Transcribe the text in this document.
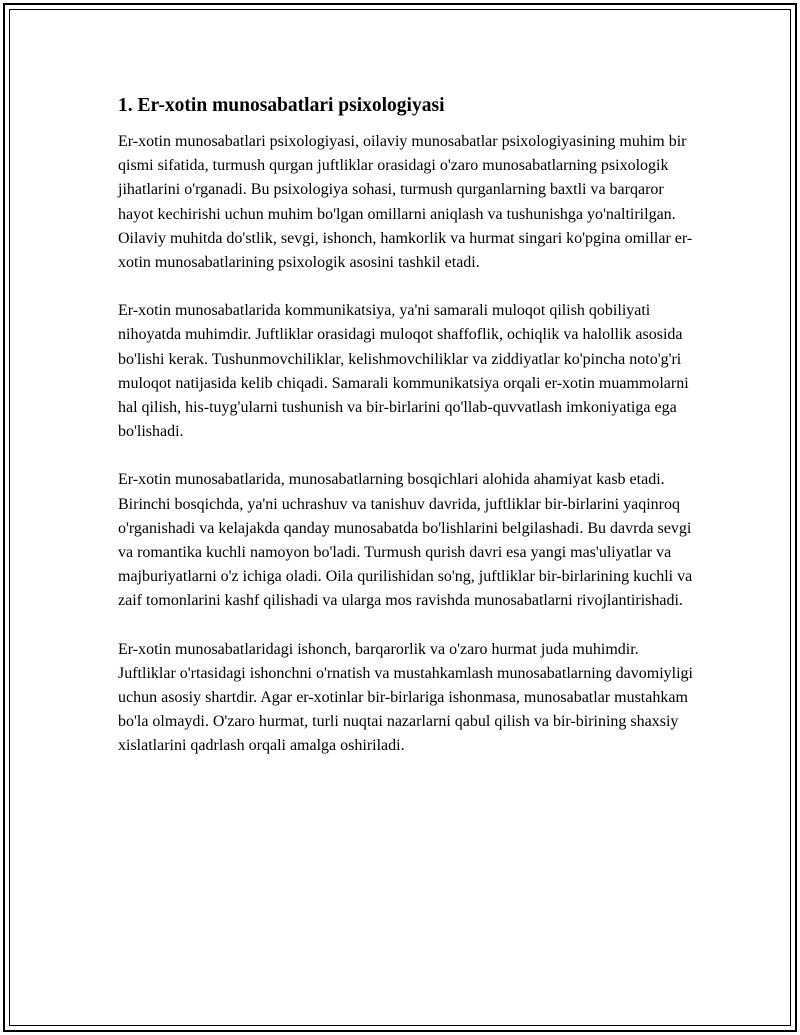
1. Er-xotin munosabatlari psixologiyasi

Er-xotin munosabatlari psixologiyasi, oilaviy munosabatlar psixologiyasining muhim bir qismi sifatida, turmush qurgan juftliklar orasidagi o'zaro munosabatlarning psixologik jihatlarini o'rganadi. Bu psixologiya sohasi, turmush qurganlarning baxtli va barqaror hayot kechirishi uchun muhim bo'lgan omillarni aniqlash va tushunishga yo'naltirilgan. Oilaviy muhitda do'stlik, sevgi, ishonch, hamkorlik va hurmat singari ko'pgina omillar er-xotin munosabatlarining psixologik asosini tashkil etadi.

Er-xotin munosabatlarida kommunikatsiya, ya'ni samarali muloqot qilish qobiliyati nihoyatda muhimdir. Juftliklar orasidagi muloqot shaffoflik, ochiqlik va halollik asosida bo'lishi kerak. Tushunmovchiliklar, kelishmovchiliklar va ziddiyatlar ko'pincha noto'g'ri muloqot natijasida kelib chiqadi. Samarali kommunikatsiya orqali er-xotin muammolarni hal qilish, his-tuyg'ularni tushunish va bir-birlarini qo'llab-quvvatlash imkoniyatiga ega bo'lishadi.

Er-xotin munosabatlarida, munosabatlarning bosqichlari alohida ahamiyat kasb etadi. Birinchi bosqichda, ya'ni uchrashuv va tanishuv davrida, juftliklar bir-birlarini yaqinroq o'rganishadi va kelajakda qanday munosabatda bo'lishlarini belgilashadi. Bu davrda sevgi va romantika kuchli namoyon bo'ladi. Turmush qurish davri esa yangi mas'uliyatlar va majburiyatlarni o'z ichiga oladi. Oila qurilishidan so'ng, juftliklar bir-birlarining kuchli va zaif tomonlarini kashf qilishadi va ularga mos ravishda munosabatlarni rivojlantirishadi.

Er-xotin munosabatlaridagi ishonch, barqarorlik va o'zaro hurmat juda muhimdir. Juftliklar o'rtasidagi ishonchni o'rnatish va mustahkamlash munosabatlarning davomiyligi uchun asosiy shartdir. Agar er-xotinlar bir-birlariga ishonmasa, munosabatlar mustahkam bo'la olmaydi. O'zaro hurmat, turli nuqtai nazarlarni qabul qilish va bir-birining shaxsiy xislatlarini qadrlash orqali amalga oshiriladi.
